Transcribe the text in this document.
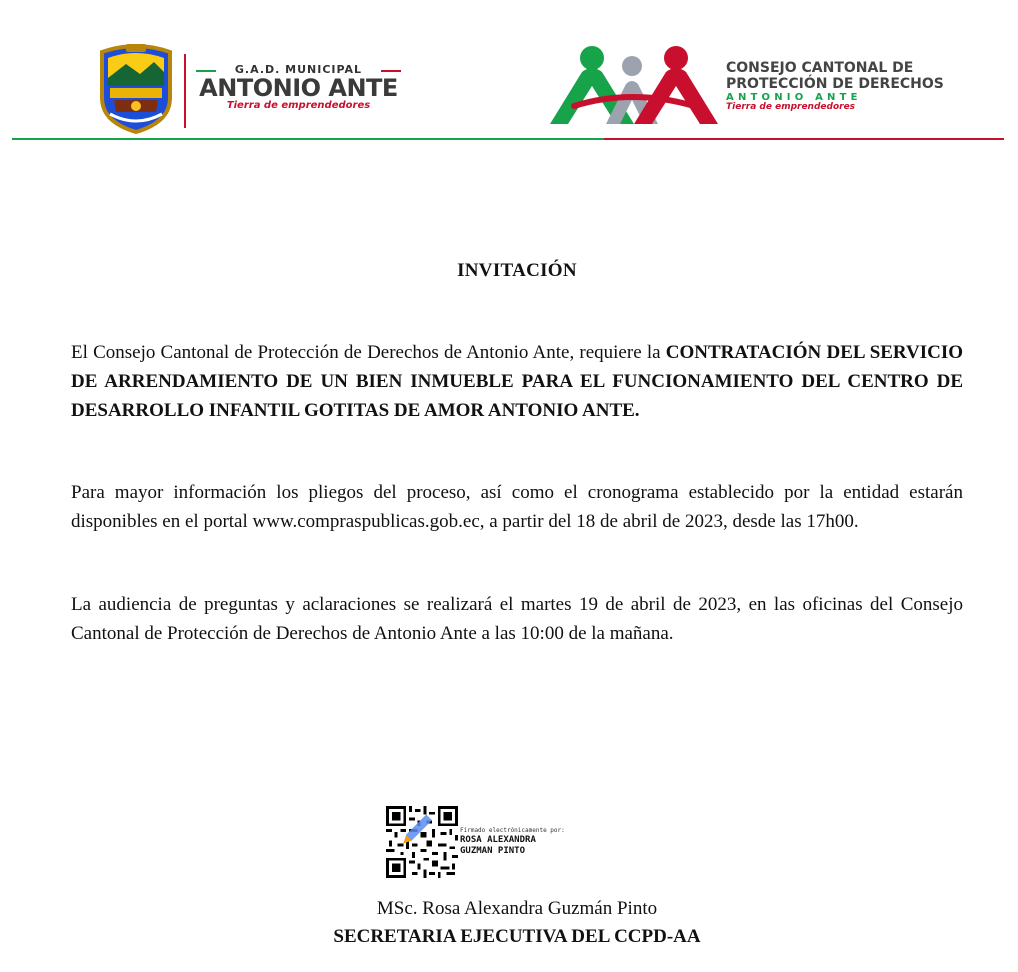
G.A.D. MUNICIPAL
ANTONIO ANTE
Tierra de emprendedores
CONSEJO CANTONAL DE
PROTECCIÓN DE DERECHOS
ANTONIO ANTE
Tierra de emprendedores
INVITACIÓN

El Consejo Cantonal de Protección de Derechos de Antonio Ante, requiere la CONTRATACIÓN DEL SERVICIO DE ARRENDAMIENTO DE UN BIEN INMUEBLE PARA EL FUNCIONAMIENTO DEL CENTRO DE DESARROLLO INFANTIL GOTITAS DE AMOR ANTONIO ANTE.

Para mayor información los pliegos del proceso, así como el cronograma establecido por la entidad estarán disponibles en el portal www.compraspublicas.gob.ec, a partir del 18 de abril de 2023, desde las 17h00.

La audiencia de preguntas y aclaraciones se realizará el martes 19 de abril de 2023, en las oficinas del Consejo Cantonal de Protección de Derechos de Antonio Ante a las 10:00 de la mañana.

Firmado electrónicamente por:
ROSA ALEXANDRA
GUZMAN PINTO
MSc. Rosa Alexandra Guzmán Pinto
SECRETARIA EJECUTIVA DEL CCPD-AA
